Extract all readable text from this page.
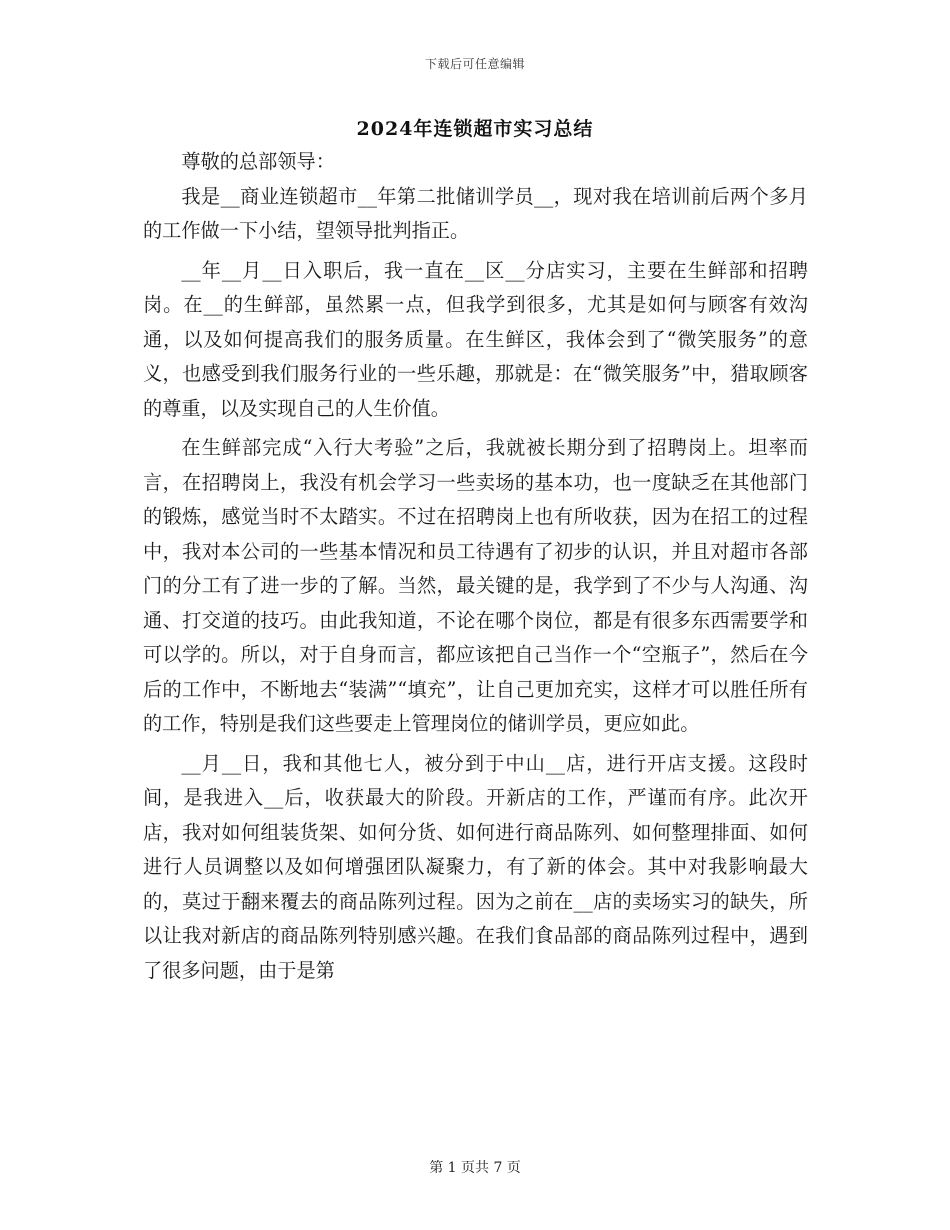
下载后可任意编辑
2024年连锁超市实习总结

尊敬的总部领导：

我是__商业连锁超市__年第二批储训学员__，现对我在培训前后两个多月的工作做一下小结，望领导批判指正。

__年__月__日入职后，我一直在__区__分店实习，主要在生鲜部和招聘岗。在__的生鲜部，虽然累一点，但我学到很多，尤其是如何与顾客有效沟通，以及如何提高我们的服务质量。在生鲜区，我体会到了“微笑服务”的意义，也感受到我们服务行业的一些乐趣，那就是：在“微笑服务”中，猎取顾客的尊重，以及实现自己的人生价值。

在生鲜部完成“入行大考验”之后，我就被长期分到了招聘岗上。坦率而言，在招聘岗上，我没有机会学习一些卖场的基本功，也一度缺乏在其他部门的锻炼，感觉当时不太踏实。不过在招聘岗上也有所收获，因为在招工的过程中，我对本公司的一些基本情况和员工待遇有了初步的认识，并且对超市各部门的分工有了进一步的了解。当然，最关键的是，我学到了不少与人沟通、沟通、打交道的技巧。由此我知道，不论在哪个岗位，都是有很多东西需要学和可以学的。所以，对于自身而言，都应该把自己当作一个“空瓶子”，然后在今后的工作中，不断地去“装满”“填充”，让自己更加充实，这样才可以胜任所有的工作，特别是我们这些要走上管理岗位的储训学员，更应如此。

__月__日，我和其他七人，被分到于中山__店，进行开店支援。这段时间，是我进入__后，收获最大的阶段。开新店的工作，严谨而有序。此次开店，我对如何组装货架、如何分货、如何进行商品陈列、如何整理排面、如何进行人员调整以及如何增强团队凝聚力，有了新的体会。其中对我影响最大的，莫过于翻来覆去的商品陈列过程。因为之前在__店的卖场实习的缺失，所以让我对新店的商品陈列特别感兴趣。在我们食品部的商品陈列过程中，遇到了很多问题，由于是第

第 1 页共 7 页
